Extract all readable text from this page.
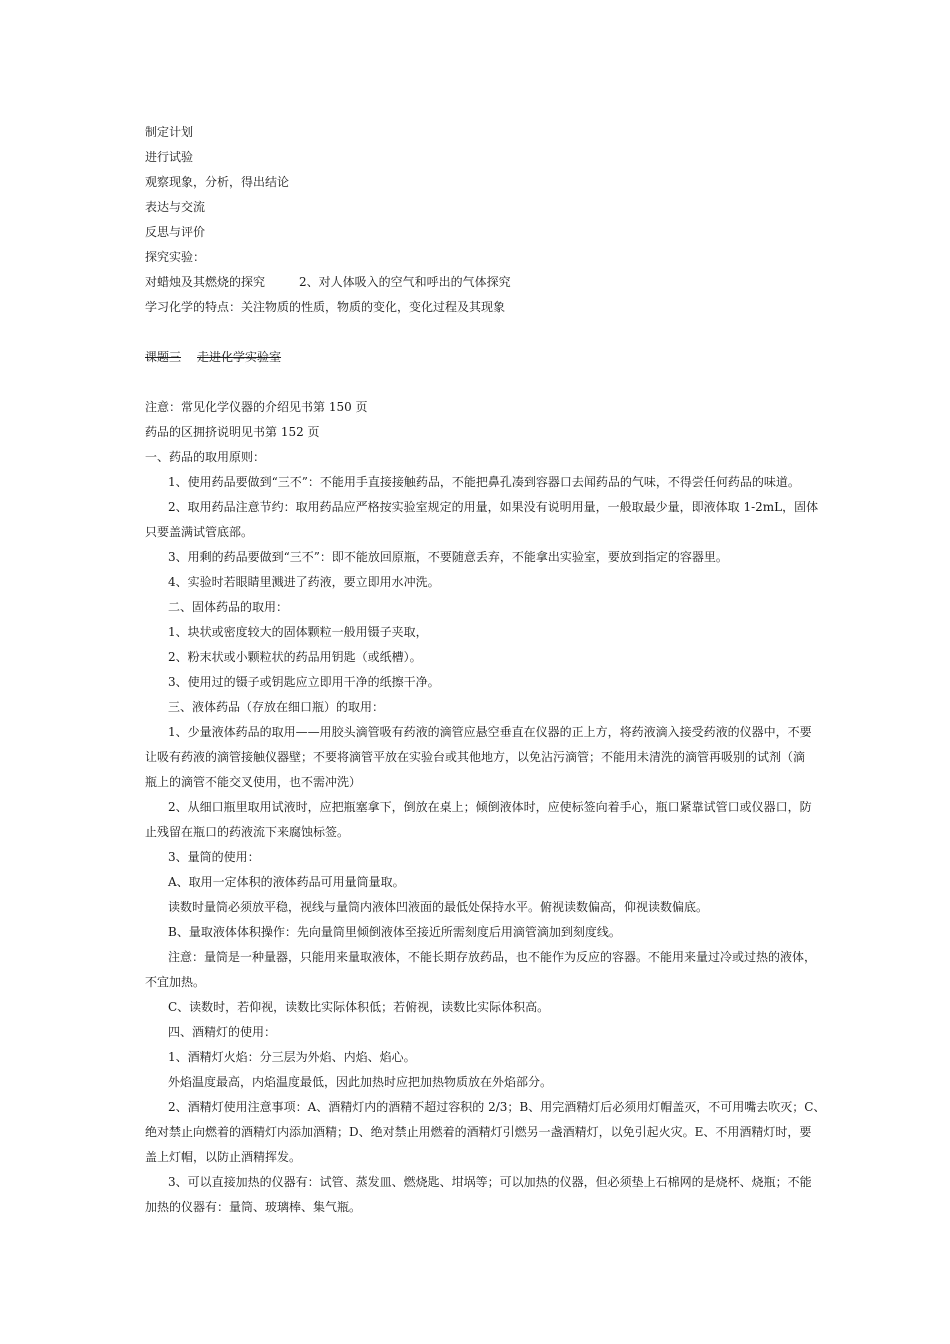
制定计划
进行试验
观察现象，分析，得出结论
表达与交流
反思与评价
探究实验：
对蜡烛及其燃烧的探究	2、对人体吸入的空气和呼出的气体探究
学习化学的特点：关注物质的性质，物质的变化，变化过程及其现象
课题三 走进化学实验室
注意：常见化学仪器的介绍见书第 150 页
药品的区拥挤说明见书第 152 页
一、药品的取用原则：
1、使用药品要做到“三不”：不能用手直接接触药品，不能把鼻孔凑到容器口去闻药品的气味，不得尝任何药品的味道。
2、取用药品注意节约：取用药品应严格按实验室规定的用量，如果没有说明用量，一般取最少量，即液体取 1-2mL，固体
只要盖满试管底部。
3、用剩的药品要做到“三不”：即不能放回原瓶，不要随意丢弃，不能拿出实验室，要放到指定的容器里。
4、实验时若眼睛里溅进了药液，要立即用水冲洗。
二、固体药品的取用：
1、块状或密度较大的固体颗粒一般用镊子夹取，
2、粉末状或小颗粒状的药品用钥匙（或纸槽）。
3、使用过的镊子或钥匙应立即用干净的纸擦干净。
三、液体药品（存放在细口瓶）的取用：
1、少量液体药品的取用——用胶头滴管吸有药液的滴管应悬空垂直在仪器的正上方，将药液滴入接受药液的仪器中，不要
让吸有药液的滴管接触仪器壁；不要将滴管平放在实验台或其他地方，以免沾污滴管；不能用未清洗的滴管再吸别的试剂（滴
瓶上的滴管不能交叉使用，也不需冲洗）
2、从细口瓶里取用试液时，应把瓶塞拿下，倒放在桌上；倾倒液体时，应使标签向着手心，瓶口紧靠试管口或仪器口，防
止残留在瓶口的药液流下来腐蚀标签。
3、量筒的使用：
A、取用一定体积的液体药品可用量筒量取。
读数时量筒必须放平稳，视线与量筒内液体凹液面的最低处保持水平。俯视读数偏高，仰视读数偏底。
B、量取液体体积操作：先向量筒里倾倒液体至接近所需刻度后用滴管滴加到刻度线。
注意：量筒是一种量器，只能用来量取液体，不能长期存放药品，也不能作为反应的容器。不能用来量过冷或过热的液体，
不宜加热。
C、读数时，若仰视，读数比实际体积低；若俯视，读数比实际体积高。
四、酒精灯的使用：
1、酒精灯火焰：分三层为外焰、内焰、焰心。
外焰温度最高，内焰温度最低，因此加热时应把加热物质放在外焰部分。
2、酒精灯使用注意事项：A、酒精灯内的酒精不超过容积的 2/3；B、用完酒精灯后必须用灯帽盖灭，不可用嘴去吹灭；C、
绝对禁止向燃着的酒精灯内添加酒精；D、绝对禁止用燃着的酒精灯引燃另一盏酒精灯，以免引起火灾。E、不用酒精灯时，要
盖上灯帽，以防止酒精挥发。
3、可以直接加热的仪器有：试管、蒸发皿、燃烧匙、坩埚等；可以加热的仪器，但必须垫上石棉网的是烧杯、烧瓶；不能
加热的仪器有：量筒、玻璃棒、集气瓶。
